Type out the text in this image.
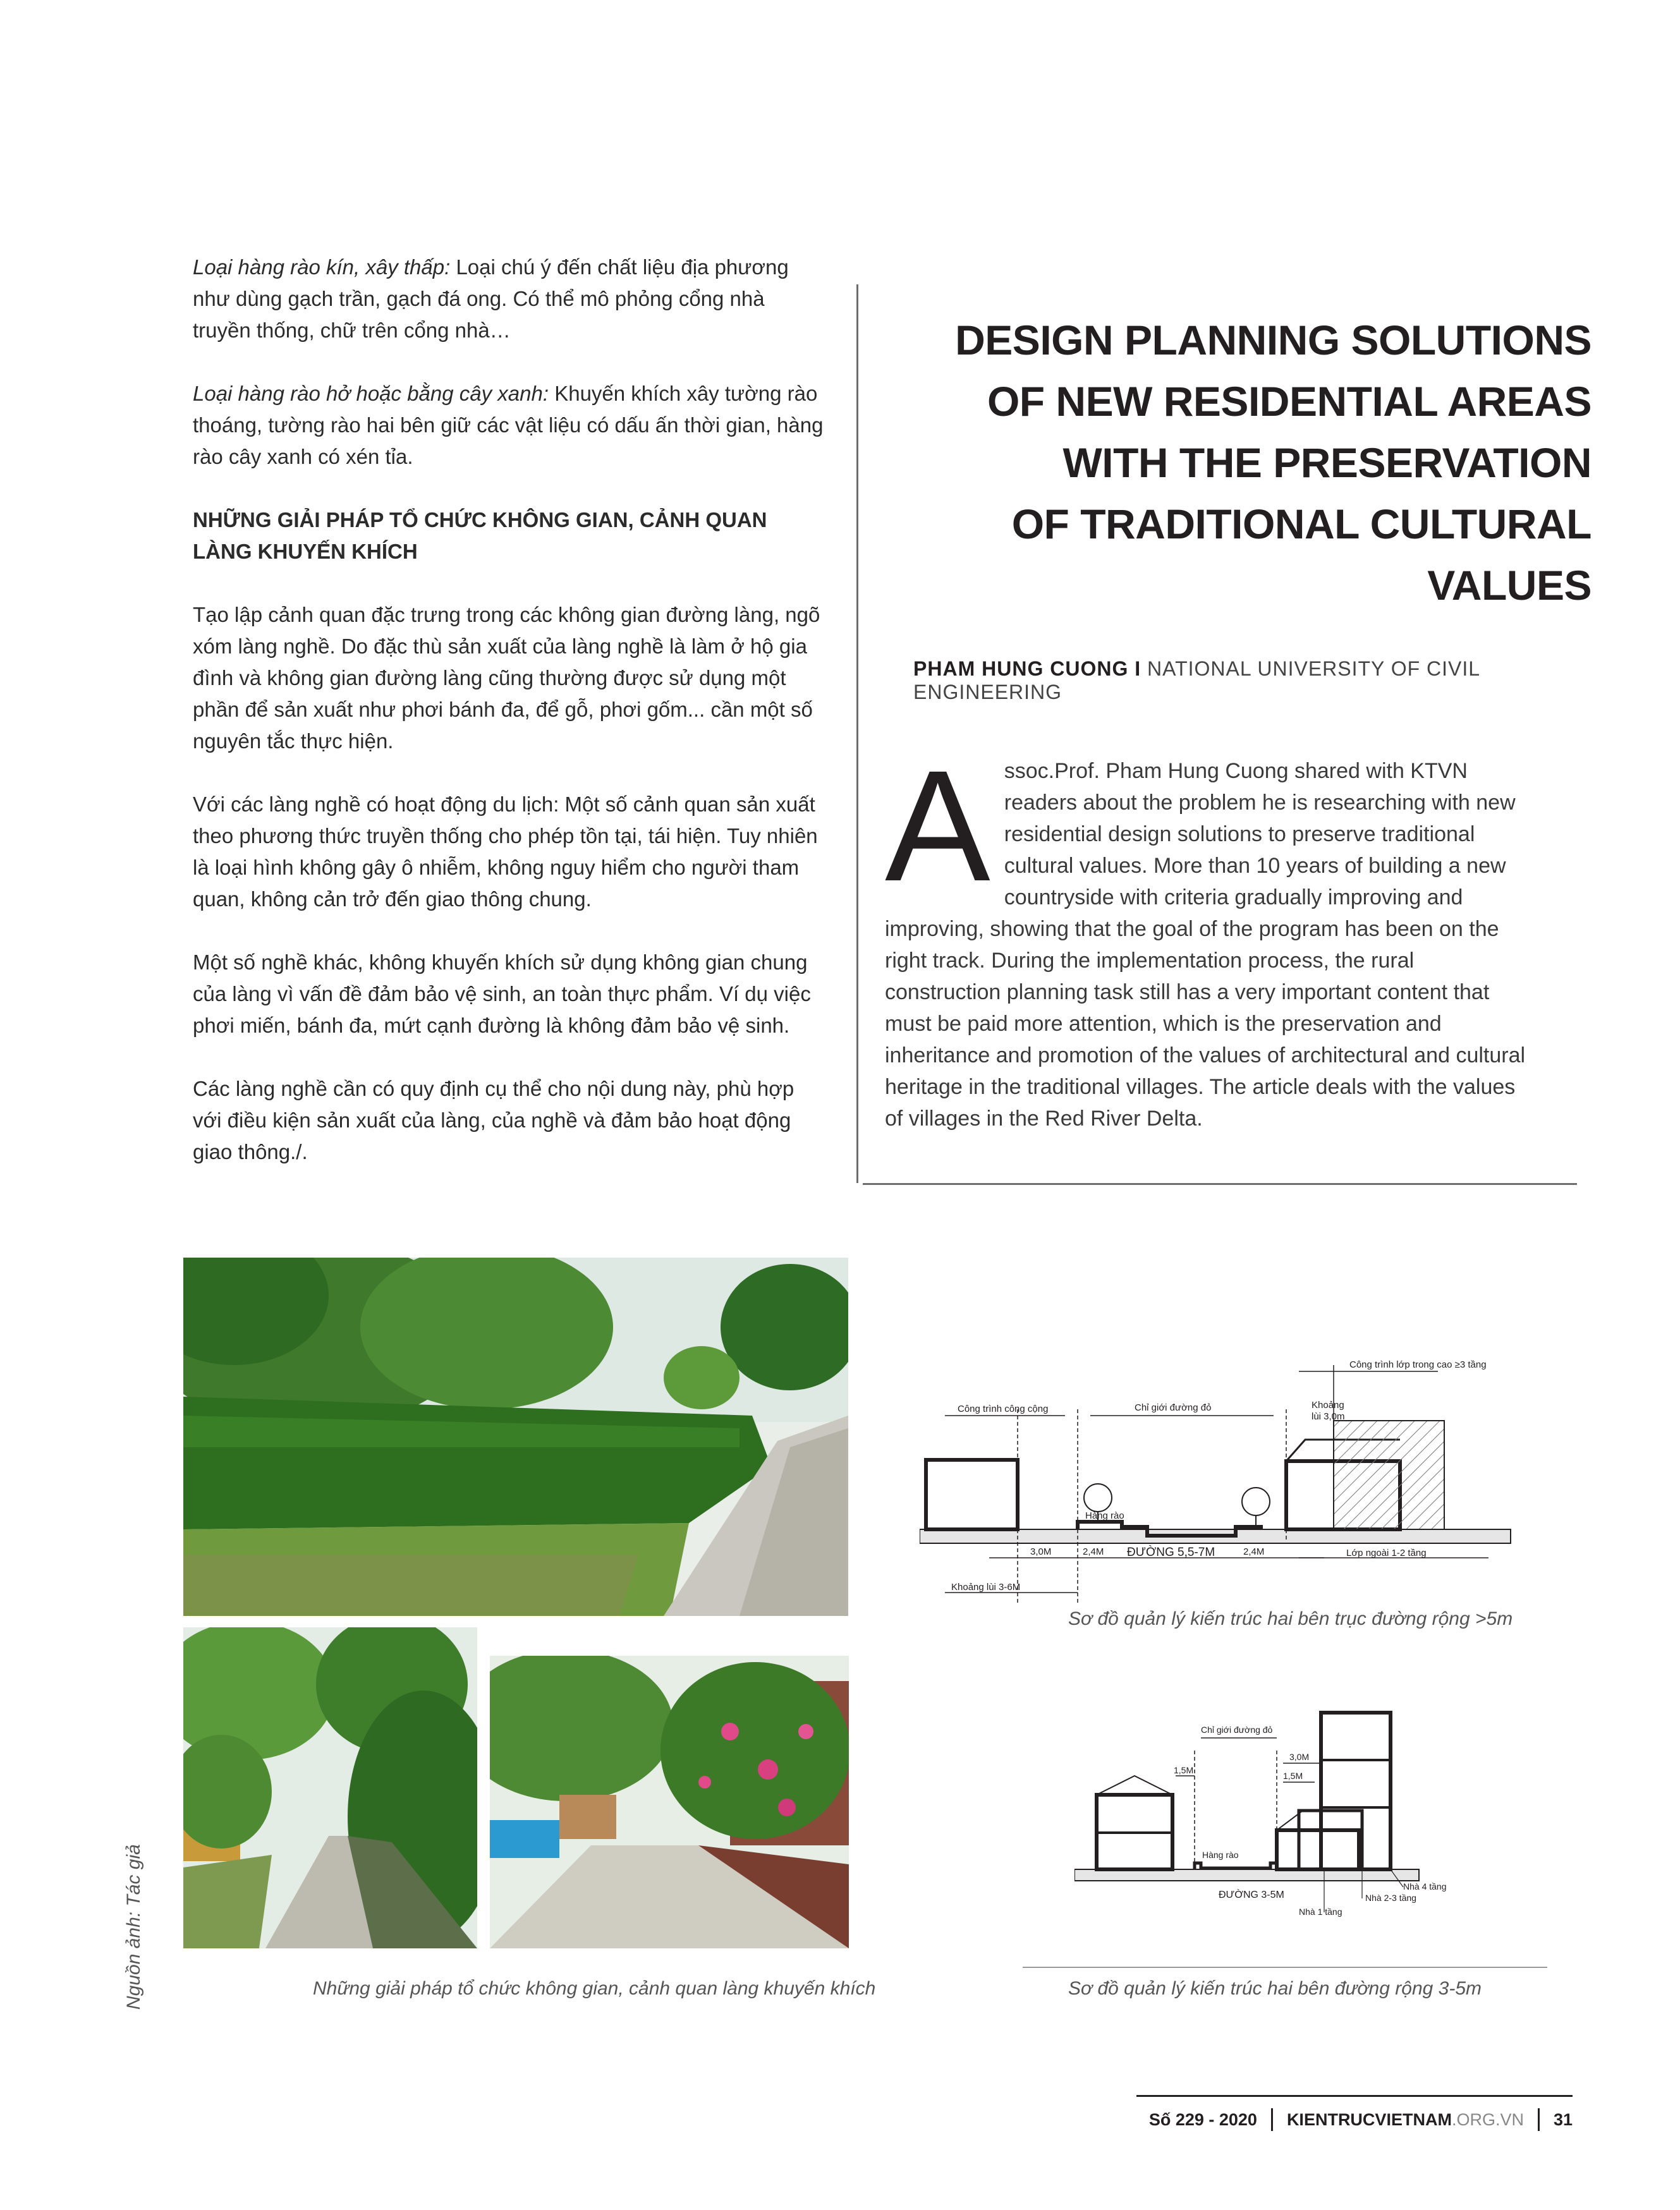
Loại hàng rào kín, xây thấp: Loại chú ý đến chất liệu địa phương như dùng gạch trần, gạch đá ong. Có thể mô phỏng cổng nhà truyền thống, chữ trên cổng nhà…

Loại hàng rào hở hoặc bằng cây xanh: Khuyến khích xây tường rào thoáng, tường rào hai bên giữ các vật liệu có dấu ấn thời gian, hàng rào cây xanh có xén tỉa.

NHỮNG GIẢI PHÁP TỔ CHỨC KHÔNG GIAN, CẢNH QUAN LÀNG KHUYẾN KHÍCH

Tạo lập cảnh quan đặc trưng trong các không gian đường làng, ngõ xóm làng nghề. Do đặc thù sản xuất của làng nghề là làm ở hộ gia đình và không gian đường làng cũng thường được sử dụng một phần để sản xuất như phơi bánh đa, để gỗ, phơi gốm... cần một số nguyên tắc thực hiện.

Với các làng nghề có hoạt động du lịch: Một số cảnh quan sản xuất theo phương thức truyền thống cho phép tồn tại, tái hiện. Tuy nhiên là loại hình không gây ô nhiễm, không nguy hiểm cho người tham quan, không cản trở đến giao thông chung.

Một số nghề khác, không khuyến khích sử dụng không gian chung của làng vì vấn đề đảm bảo vệ sinh, an toàn thực phẩm. Ví dụ việc phơi miến, bánh đa, mứt cạnh đường là không đảm bảo vệ sinh.

Các làng nghề cần có quy định cụ thể cho nội dung này, phù hợp với điều kiện sản xuất của làng, của nghề và đảm bảo hoạt động giao thông./.

DESIGN PLANNING SOLUTIONS
OF NEW RESIDENTIAL AREAS
WITH THE PRESERVATION
OF TRADITIONAL CULTURAL
VALUES
PHAM HUNG CUONG I NATIONAL UNIVERSITY OF CIVIL ENGINEERING
Assoc.Prof. Pham Hung Cuong shared with KTVN readers about the problem he is researching with new residential design solutions to preserve traditional cultural values. More than 10 years of building a new countryside with criteria gradually improving and improving, showing that the goal of the program has been on the right track. During the implementation process, the rural construction planning task still has a very important content that must be paid more attention, which is the preservation and inheritance and promotion of the values of architectural and cultural heritage in the traditional villages. The article deals with the values of villages in the Red River Delta.
Công trình công cộng	Chỉ giới đường đỏ	Khoảng
lùi 3,0m
Công trình lớp trong cao ≥3 tầng
Hàng rào
3,0M	2,4M ĐƯỜNG 5,5-7M	2,4M	Lớp ngoài 1-2 tầng
Khoảng lùi 3-6M
Sơ đồ quản lý kiến trúc hai bên trục đường rộng >5m
Chỉ giới đường đỏ
3,0M
1,5M
1,5M
Hàng rào
ĐƯỜNG 3-5M
Nhà 4 tầng
Nhà 2-3 tầng
Nhà 1 tầng
Những giải pháp tổ chức không gian, cảnh quan làng khuyến khích	Sơ đồ quản lý kiến trúc hai bên đường rộng 3-5m
Nguồn ảnh: Tác giả
Số 229 - 2020 KIENTRUCVIETNAM .ORG.VN 31
